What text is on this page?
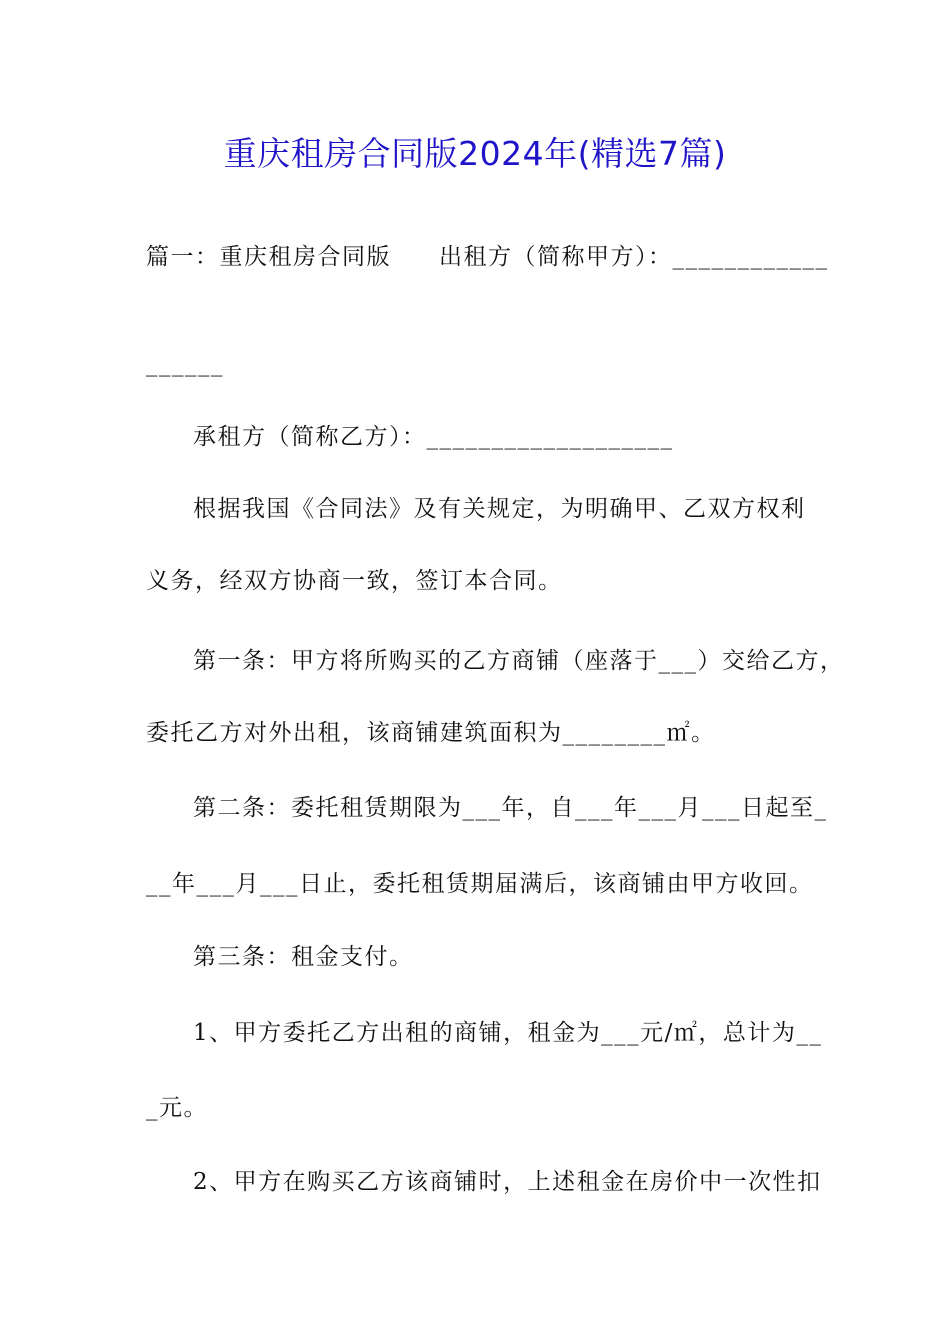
重庆租房合同版2024年(精选7篇)
篇一：重庆租房合同版 出租方（简称甲方）：____________
______
承租方（简称乙方）：___________________
根据我国《合同法》及有关规定，为明确甲、乙双方权利
义务，经双方协商一致，签订本合同。
第一条：甲方将所购买的乙方商铺（座落于___）交给乙方，
委托乙方对外出租，该商铺建筑面积为________㎡。
第二条：委托租赁期限为___年，自___年___月___日起至_
__年___月___日止，委托租赁期届满后，该商铺由甲方收回。
第三条：租金支付。
1、甲方委托乙方出租的商铺，租金为___元/㎡，总计为__
_元。
2、甲方在购买乙方该商铺时，上述租金在房价中一次性扣
